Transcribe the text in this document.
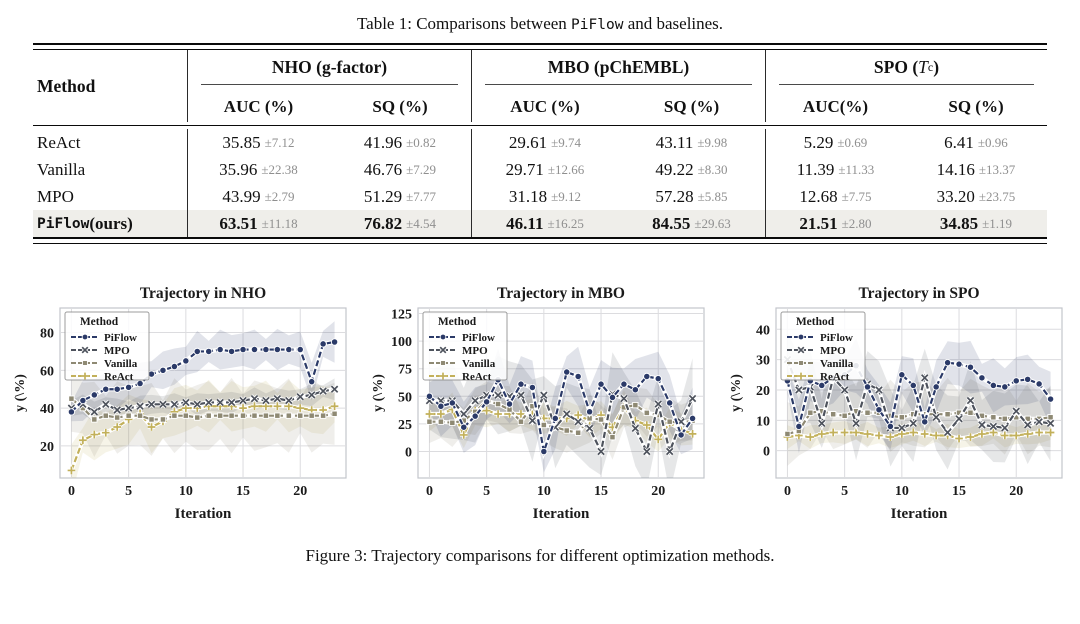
Table 1: Comparisons between PiFlow and baselines.
Method
NHO (g-factor)	MBO (pChEMBL)	SPO ( T c )
AUC (%)	SQ (%)	AUC (%)	SQ (%)	AUC(%)	SQ (%)
ReAct	35.85 ±7.12	41.96 ±0.82	29.61 ±9.74	43.11 ±9.98	5.29 ±0.69	6.41 ±0.96
Vanilla	35.96 ±22.38	46.76 ±7.29	29.71 ±12.66	49.22 ±8.30	11.39 ±11.33	14.16 ±13.37
MPO	43.99 ±2.79	51.29 ±7.77	31.18 ±9.12	57.28 ±5.85	12.68 ±7.75	33.20 ±23.75
PiFlow (ours)	63.51 ±11.18	76.82 ±4.54	46.11 ±16.25	84.55 ±29.63	21.51 ±2.80	34.85 ±1.19
0	5	10	15	20
20
40
60
80
Trajectory in NHO
Iteration
y (\%)
Method
PiFlow
MPO
Vanilla
ReAct
0	5	10	15	20
0
25
50
75
100
125
Trajectory in MBO
Iteration
y (\%)
Method
PiFlow
MPO
Vanilla
ReAct
0	5	10	15	20
0
10
20
30
40
Trajectory in SPO
Iteration
y (\%)
Method
PiFlow
MPO
Vanilla
ReAct
Figure 3: Trajectory comparisons for different optimization methods.
